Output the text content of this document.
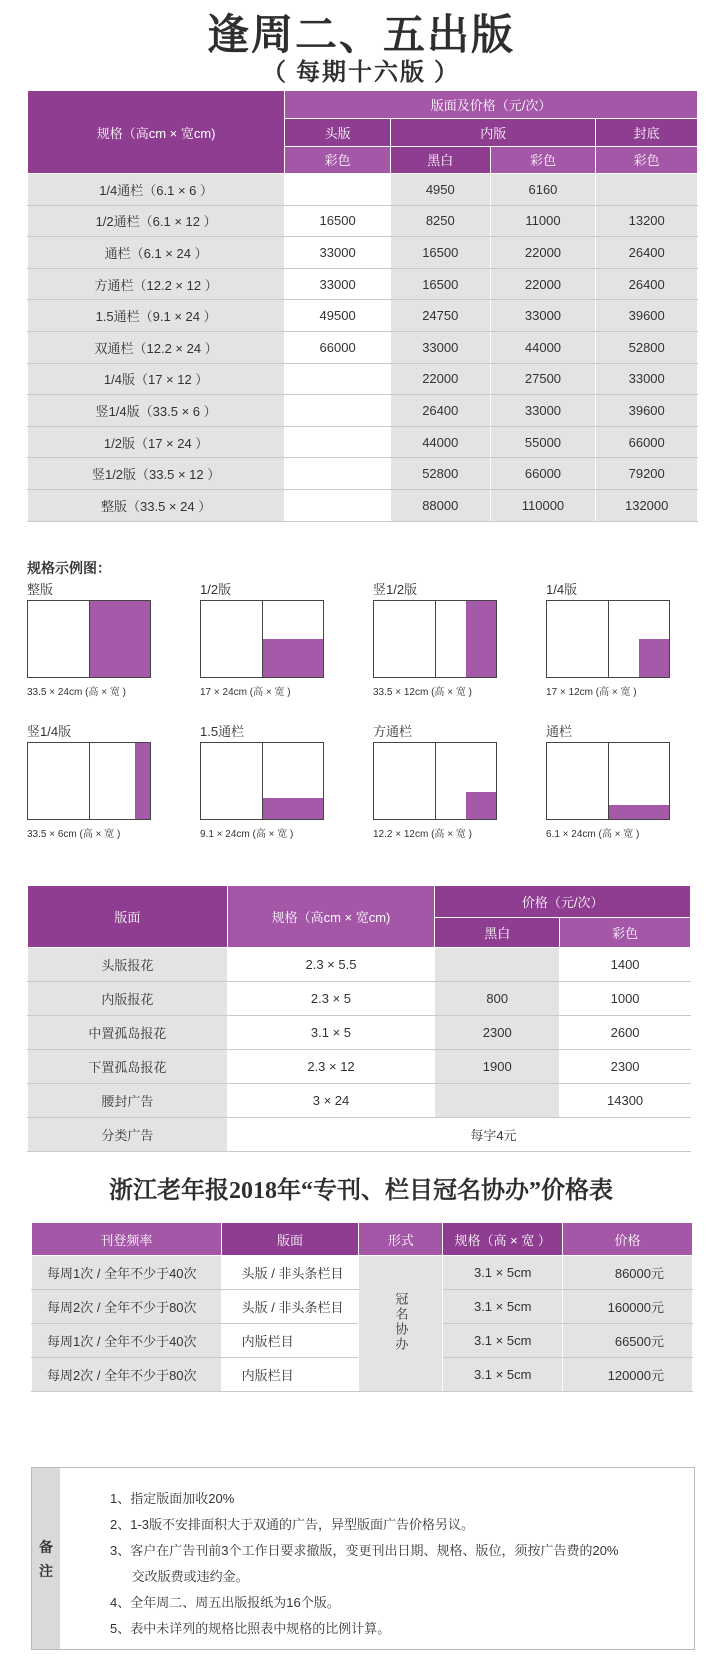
逢周二、五出版
（ 每期十六版 ）
规格（高cm × 宽cm)	版面及价格（元/次）			
	头版	内版		封底
	彩色	黑白	彩色	彩色
1/4通栏（6.1 × 6 ）		4950	6160	
1/2通栏（6.1 × 12 ）	16500	8250	11000	13200
通栏（6.1 × 24 ）	33000	16500	22000	26400
方通栏（12.2 × 12 ）	33000	16500	22000	26400
1.5通栏（9.1 × 24 ）	49500	24750	33000	39600
双通栏（12.2 × 24 ）	66000	33000	44000	52800
1/4版（17 × 12 ）		22000	27500	33000
竖1/4版（33.5 × 6 ）		26400	33000	39600
1/2版（17 × 24 ）		44000	55000	66000
竖1/2版（33.5 × 12 ）		52800	66000	79200
整版（33.5 × 24 ）		88000	110000	132000
规格示例图：
整版
33.5 × 24cm (高 × 宽 )
1/2版
17 × 24cm (高 × 宽 )
竖1/2版
33.5 × 12cm (高 × 宽 )
1/4版
17 × 12cm (高 × 宽 )
竖1/4版
33.5 × 6cm (高 × 宽 )
1.5通栏
9.1 × 24cm (高 × 宽 )
方通栏
12.2 × 12cm (高 × 宽 )
通栏
6.1 × 24cm (高 × 宽 )
版面	规格（高cm × 宽cm)	价格（元/次）	
		黑白	彩色
头版报花	2.3 × 5.5		1400
内版报花	2.3 × 5	800	1000
中置孤岛报花	3.1 × 5	2300	2600
下置孤岛报花	2.3 × 12	1900	2300
腰封广告	3 × 24		14300
分类广告		每字4元	
浙江老年报2018年“专刊、栏目冠名协办”价格表
刊登频率	版面	形式	规格（高 × 宽 ）	价格
每周1次 / 全年不少于40次	头版 / 非头条栏目	冠名协办	3.1 × 5cm	86000元
每周2次 / 全年不少于80次	头版 / 非头条栏目		3.1 × 5cm	160000元
每周1次 / 全年不少于40次	内版栏目		3.1 × 5cm	66500元
每周2次 / 全年不少于80次	内版栏目		3.1 × 5cm	120000元
备
注
1、指定版面加收20%
2、1-3版不安排面积大于双通的广告，异型版面广告价格另议。
3、客户在广告刊前3个工作日要求撤版，变更刊出日期、规格、版位，须按广告费的20%
交改版费或违约金。
4、全年周二、周五出版报纸为16个版。
5、表中未详列的规格比照表中规格的比例计算。
